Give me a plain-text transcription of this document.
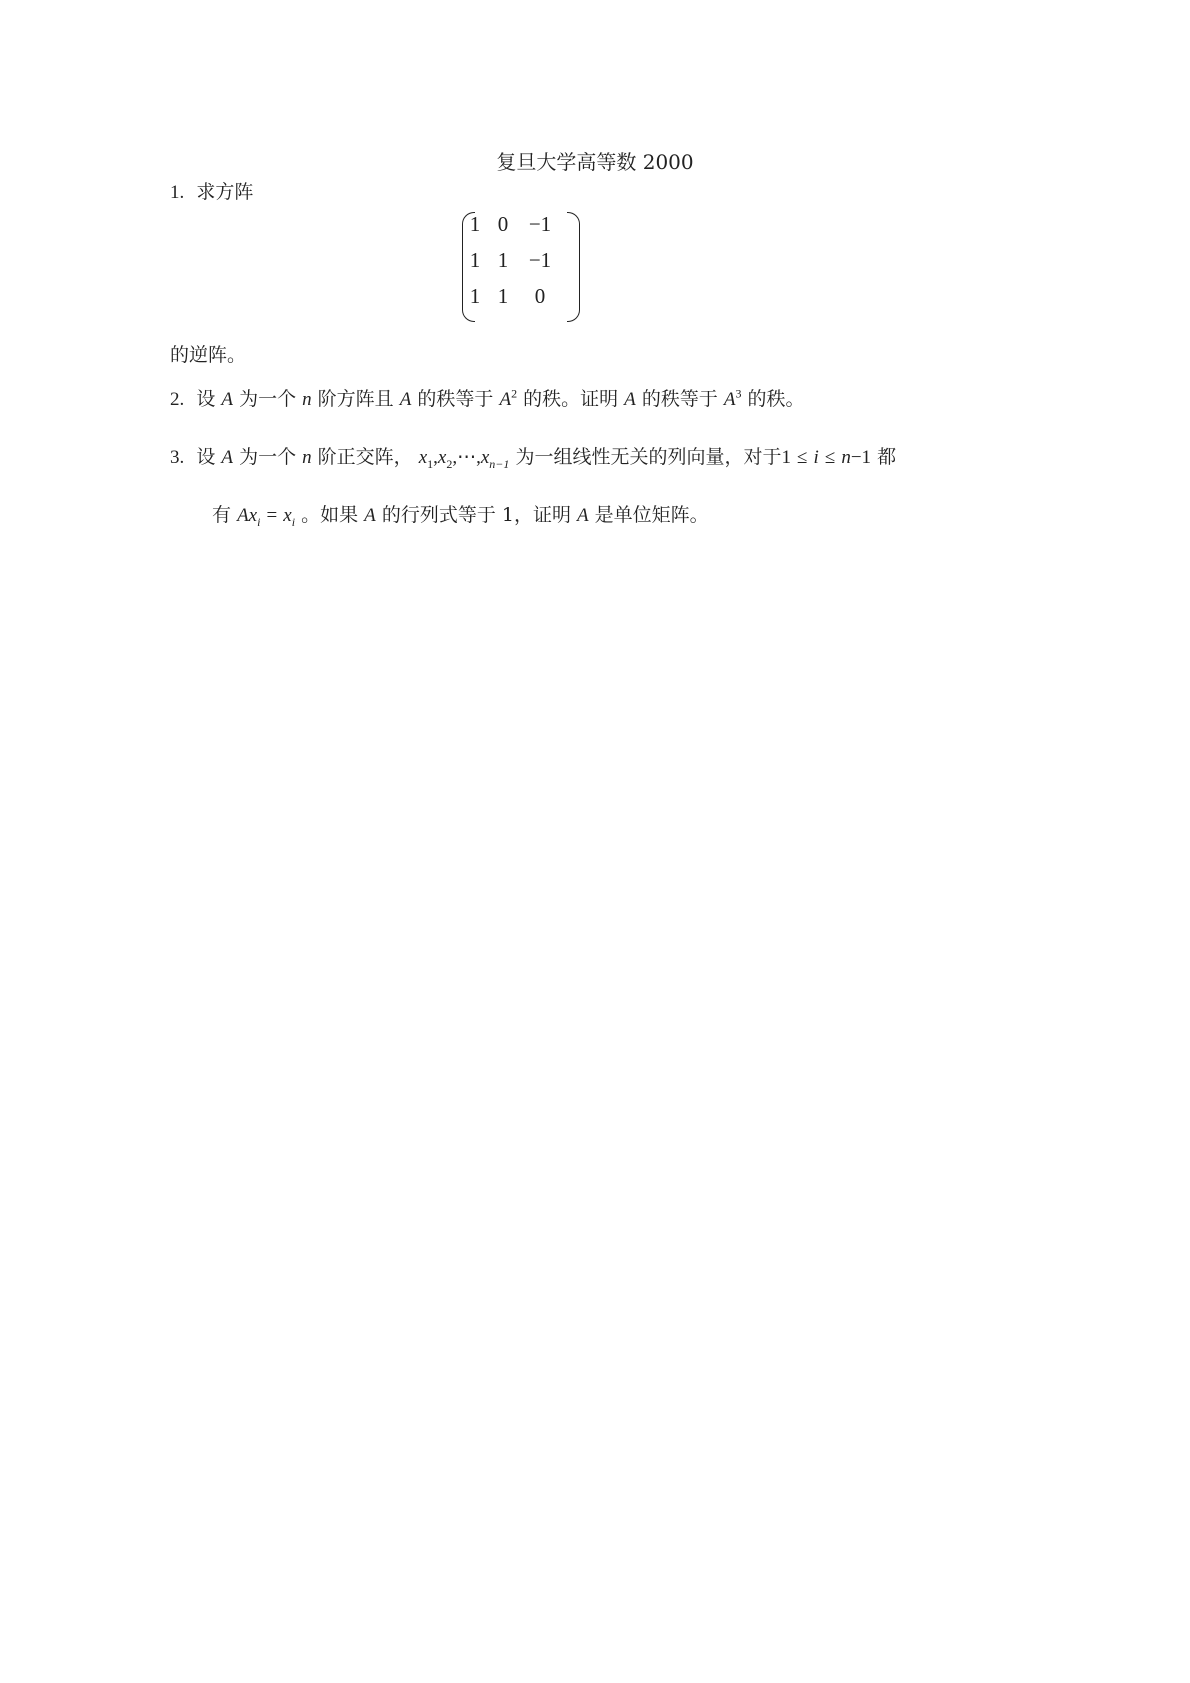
复旦大学高等数 2000
1. 求方阵
1 0 −1
1 1 −1
1 1	0
的逆阵。
2. 设 A 为一个 n 阶方阵且 A 的秩等于 $A^2$ 的秩。证明 A 的秩等于 $A^3$ 的秩。
3. 设 A 为一个 n 阶正交阵， $x_1,x_2,\cdots,x_{n-1}$ 为一组线性无关的列向量，对于1 ≤ i ≤ n−1 都
有 $Ax_i = x_i$ 。如果 A 的行列式等于 1，证明 A 是单位矩阵。
